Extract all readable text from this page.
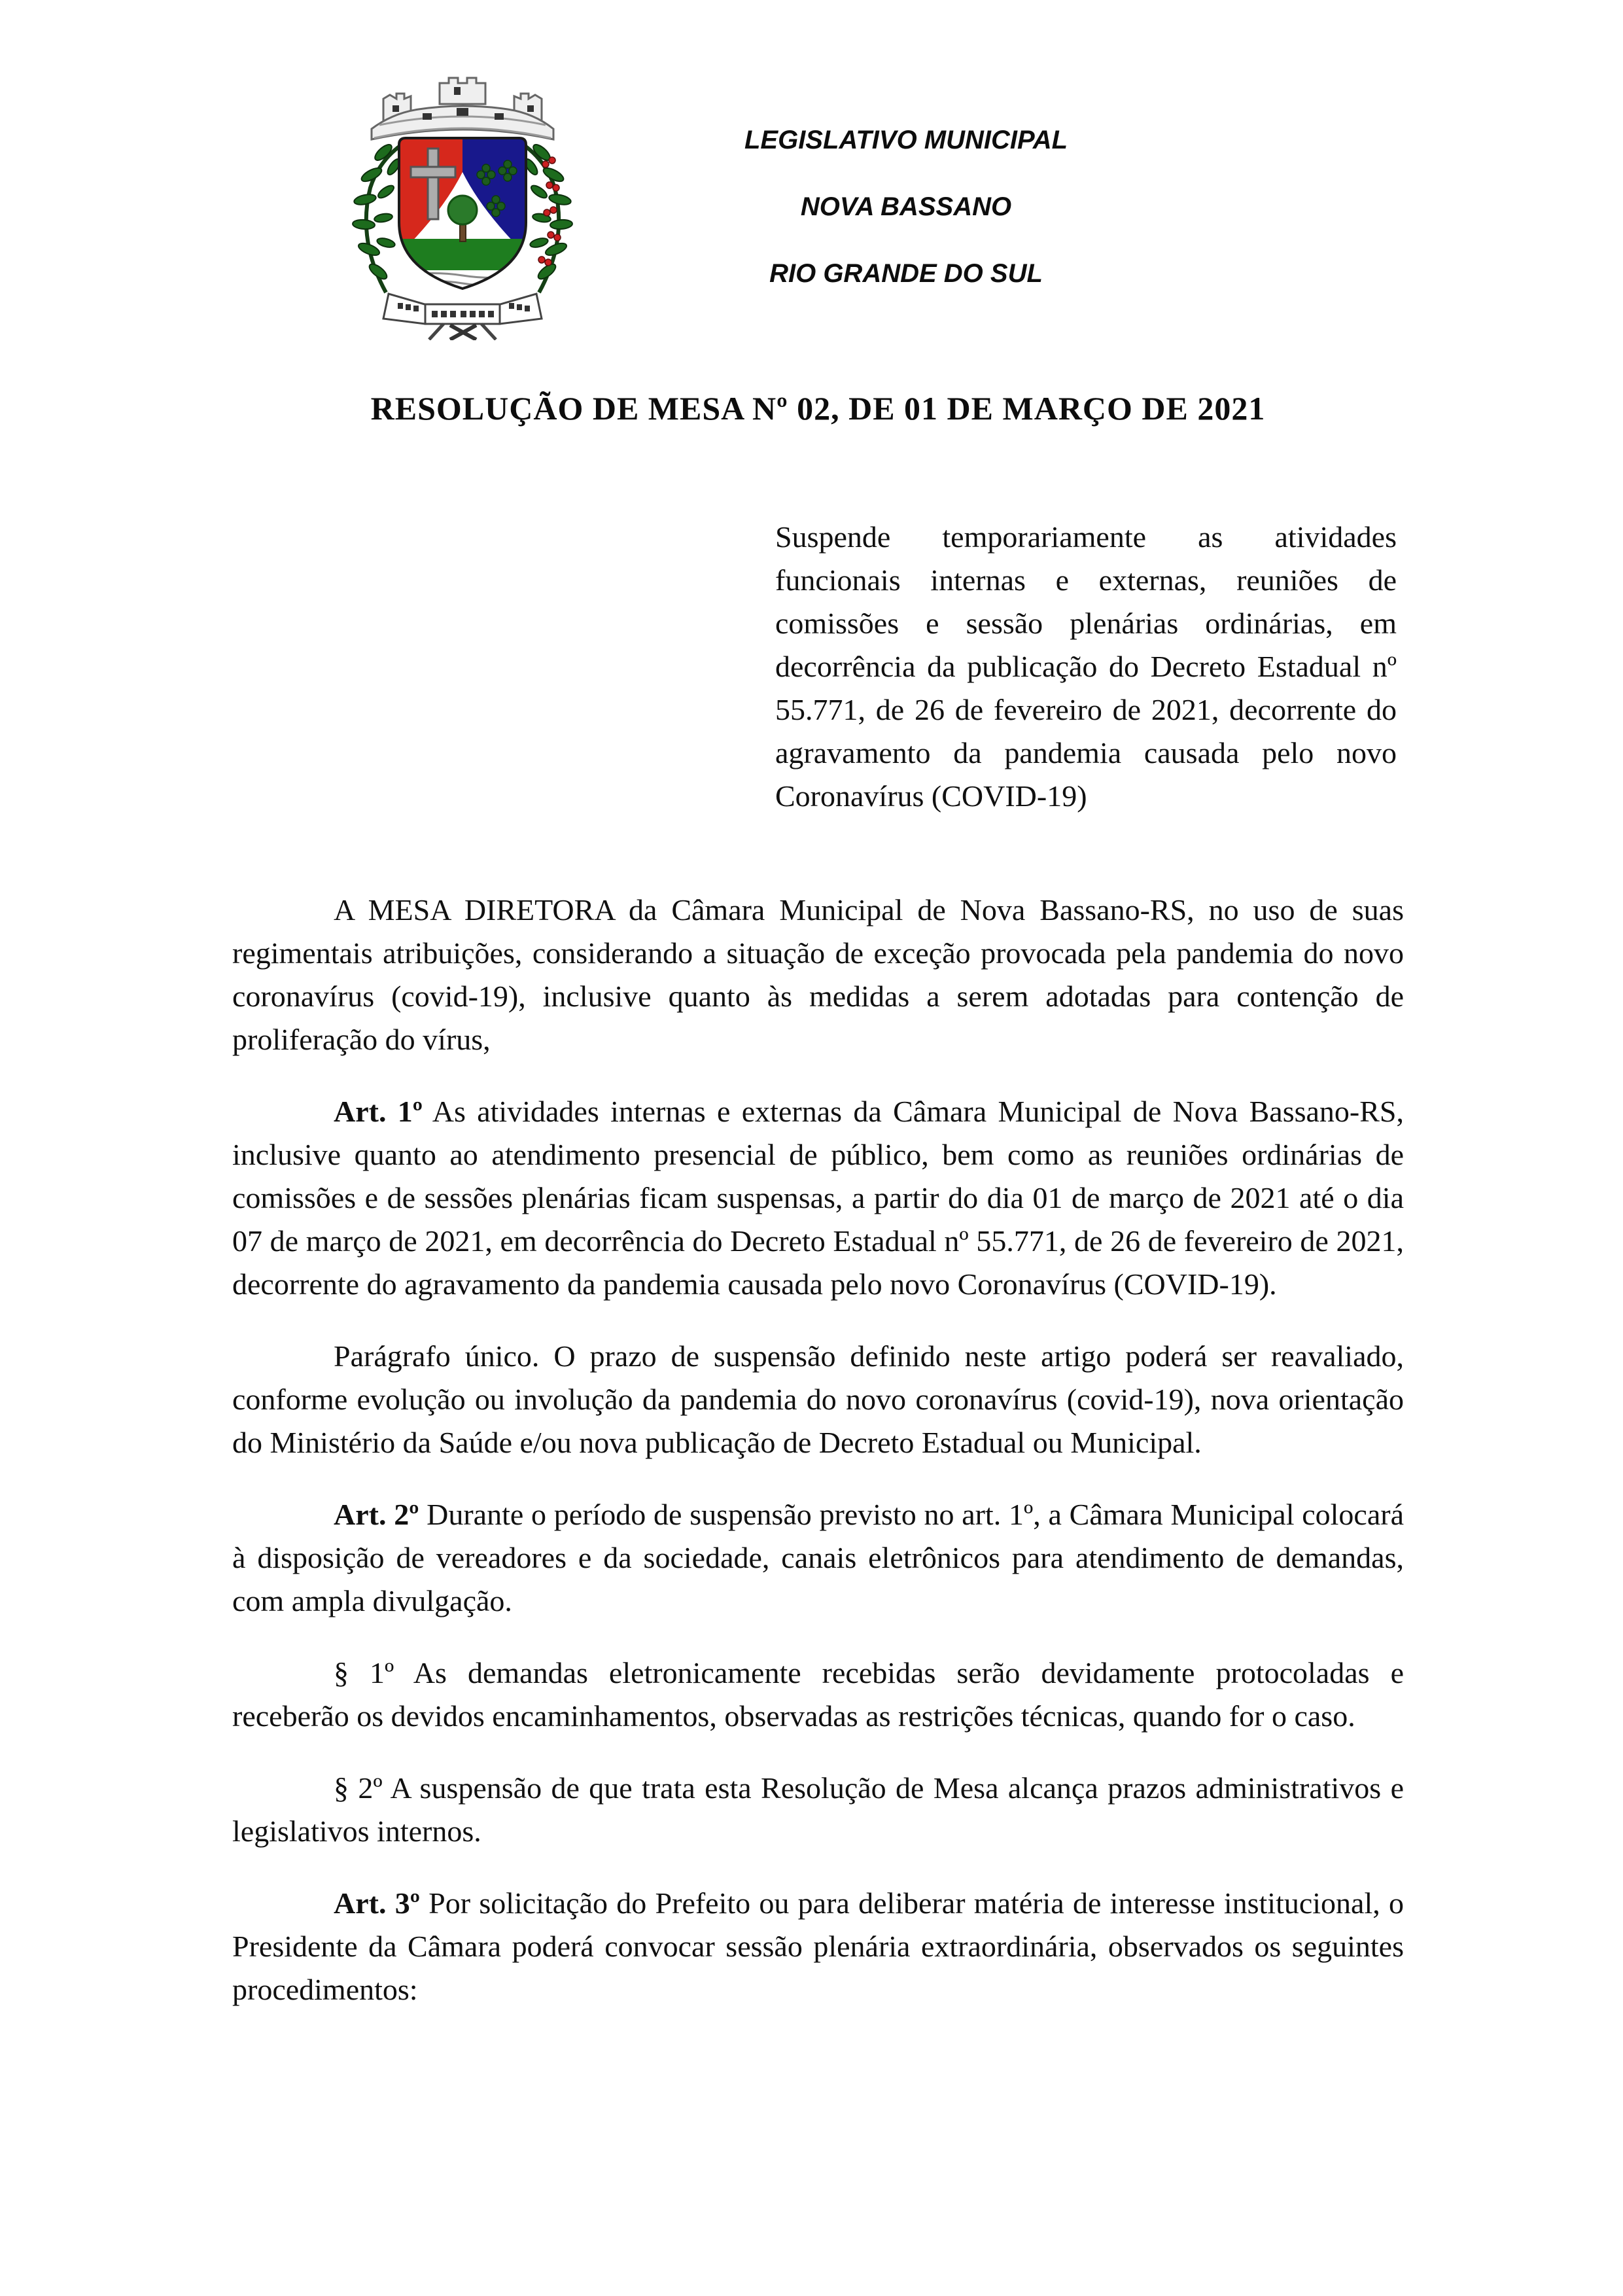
LEGISLATIVO MUNICIPAL
NOVA BASSANO
RIO GRANDE DO SUL
RESOLUÇÃO DE MESA Nº 02, DE 01 DE MARÇO DE 2021

Suspende temporariamente as atividades funcionais internas e externas, reuniões de comissões e sessão plenárias ordinárias, em decorrência da publicação do Decreto Estadual nº 55.771, de 26 de fevereiro de 2021, decorrente do agravamento da pandemia causada pelo novo Coronavírus (COVID-19)

A MESA DIRETORA da Câmara Municipal de Nova Bassano-RS, no uso de suas regimentais atribuições, considerando a situação de exceção provocada pela pandemia do novo coronavírus (covid-19), inclusive quanto às medidas a serem adotadas para contenção de proliferação do vírus,

Art. 1º As atividades internas e externas da Câmara Municipal de Nova Bassano-RS, inclusive quanto ao atendimento presencial de público, bem como as reuniões ordinárias de comissões e de sessões plenárias ficam suspensas, a partir do dia 01 de março de 2021 até o dia 07 de março de 2021, em decorrência do Decreto Estadual nº 55.771, de 26 de fevereiro de 2021, decorrente do agravamento da pandemia causada pelo novo Coronavírus (COVID-19).

Parágrafo único. O prazo de suspensão definido neste artigo poderá ser reavaliado, conforme evolução ou involução da pandemia do novo coronavírus (covid-19), nova orientação do Ministério da Saúde e/ou nova publicação de Decreto Estadual ou Municipal.

Art. 2º Durante o período de suspensão previsto no art. 1º, a Câmara Municipal colocará à disposição de vereadores e da sociedade, canais eletrônicos para atendimento de demandas, com ampla divulgação.

§ 1º As demandas eletronicamente recebidas serão devidamente protocoladas e receberão os devidos encaminhamentos, observadas as restrições técnicas, quando for o caso.

§ 2º A suspensão de que trata esta Resolução de Mesa alcança prazos administrativos e legislativos internos.

Art. 3º Por solicitação do Prefeito ou para deliberar matéria de interesse institucional, o Presidente da Câmara poderá convocar sessão plenária extraordinária, observados os seguintes procedimentos:
